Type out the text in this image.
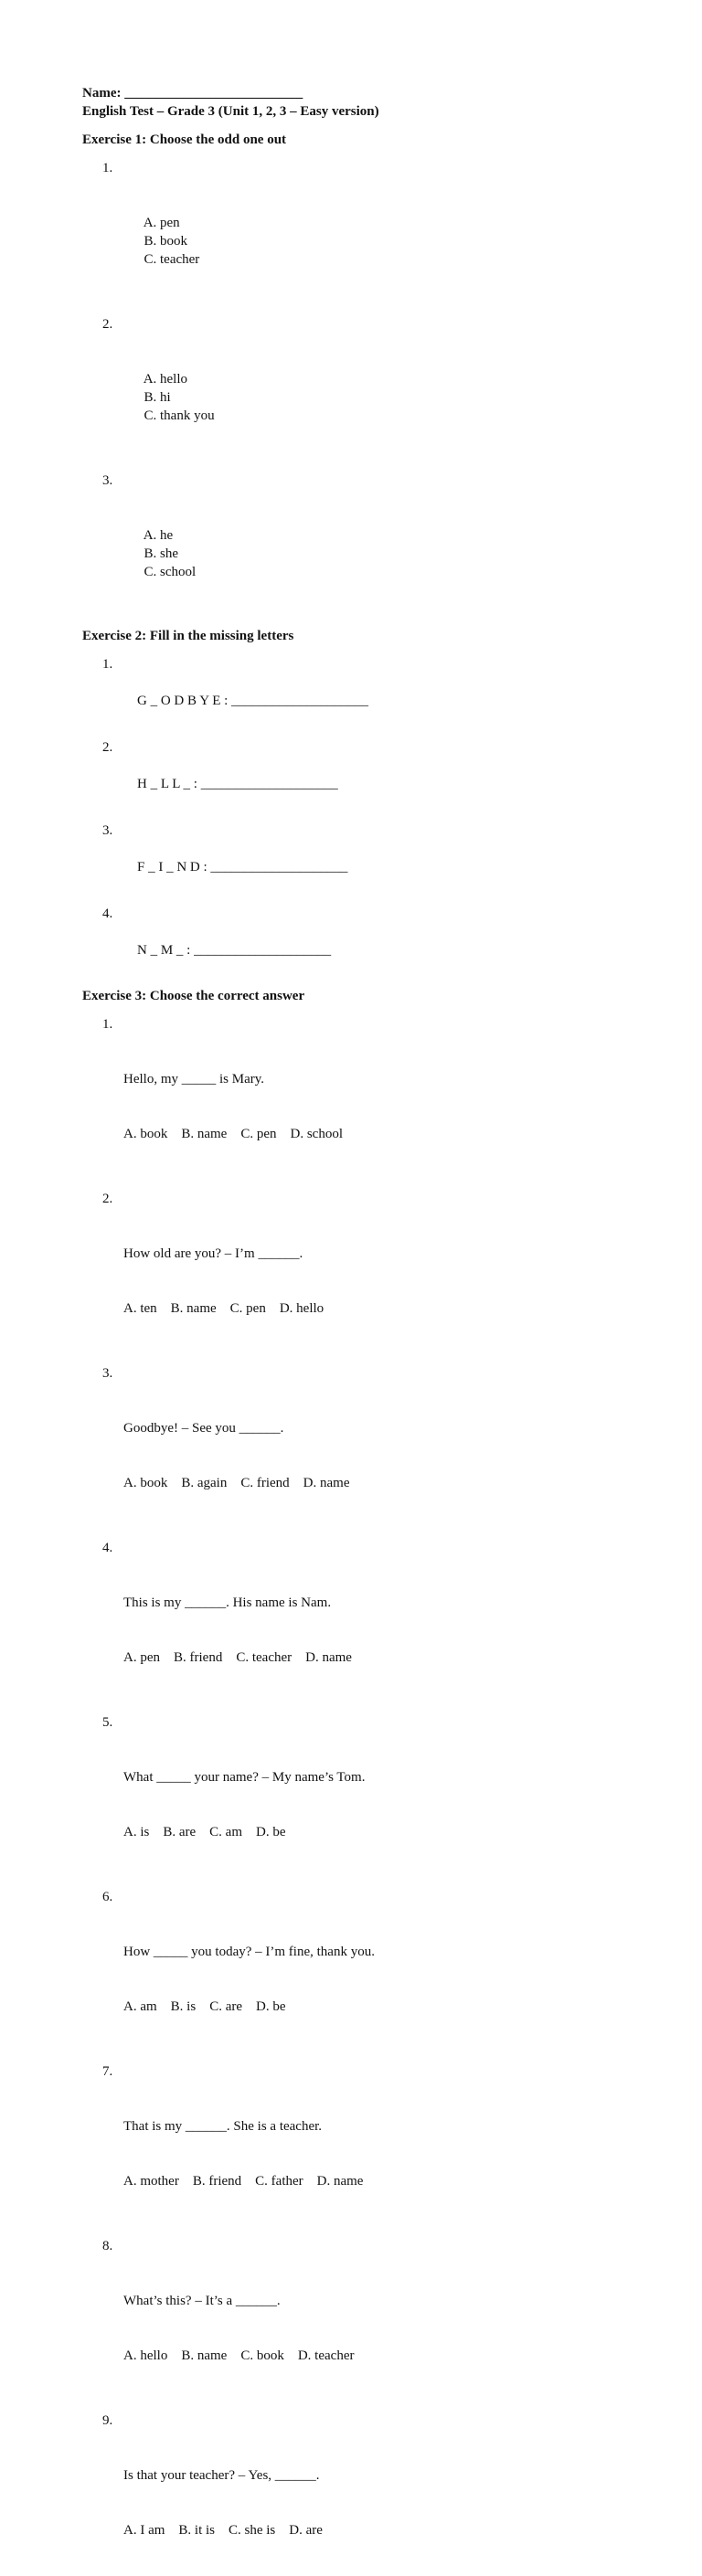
Name: __________________________
English Test – Grade 3 (Unit 1, 2, 3 – Easy version)
Exercise 1: Choose the odd one out

1.

A. pen
B. book
C. teacher

2.

A. hello
B. hi
C. thank you

3.

A. he
B. she
C. school

Exercise 2: Fill in the missing letters

1.

G _ O D B Y E : ____________________

2.

H _ L L _ : ____________________

3.

F _ I _ N D : ____________________

4.

N _ M _ : ____________________

Exercise 3: Choose the correct answer

1.

Hello, my _____ is Mary.

A. book B. name C. pen D. school

2.

How old are you? – I’m ______.

A. ten B. name C. pen D. hello

3.

Goodbye! – See you ______.

A. book B. again C. friend D. name

4.

This is my ______. His name is Nam.

A. pen B. friend C. teacher D. name

5.

What _____ your name? – My name’s Tom.

A. is B. are C. am D. be

6.

How _____ you today? – I’m fine, thank you.

A. am B. is C. are D. be

7.

That is my ______. She is a teacher.

A. mother B. friend C. father D. name

8.

What’s this? – It’s a ______.

A. hello B. name C. book D. teacher

9.

Is that your teacher? – Yes, ______.

A. I am B. it is C. she is D. are
